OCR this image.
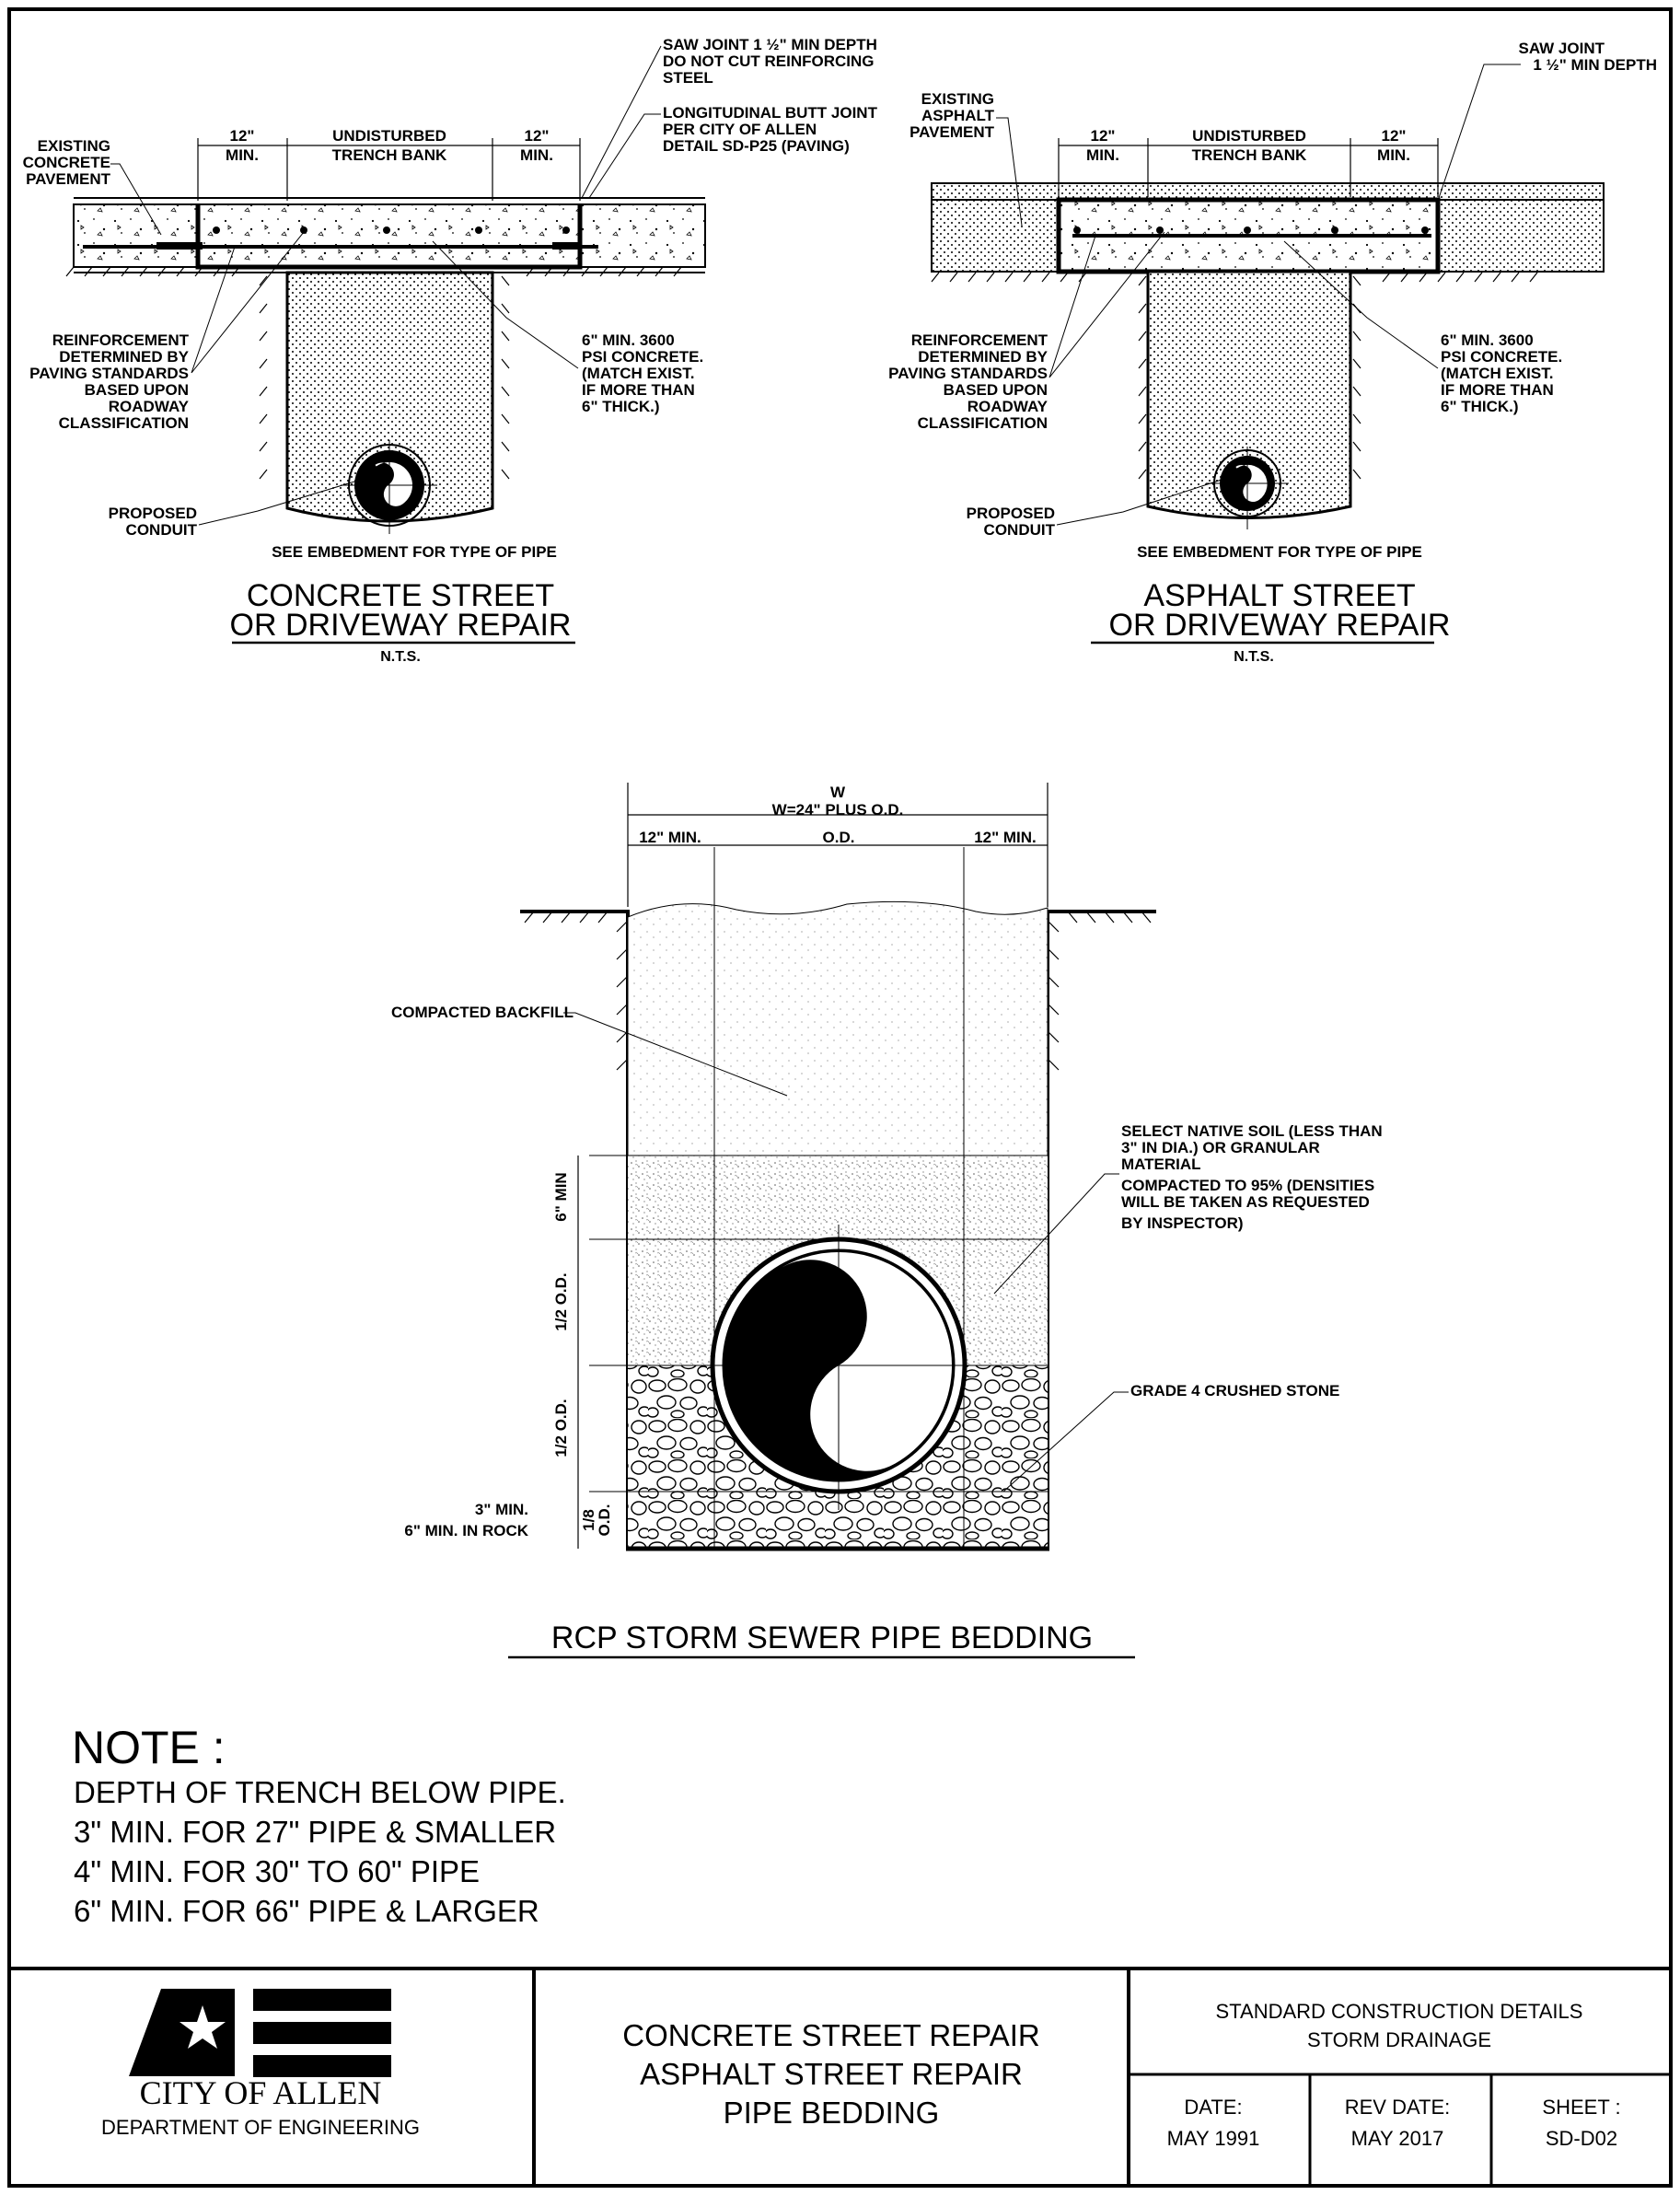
12" MIN.
UNDISTURBED TRENCH BANK
12" MIN.
EXISTING CONCRETE PAVEMENT
SAW JOINT 1 ½" MIN DEPTH DO NOT CUT REINFORCING STEEL
LONGITUDINAL BUTT JOINT PER CITY OF ALLEN DETAIL SD-P25 (PAVING)
REINFORCEMENT DETERMINED BY PAVING STANDARDS BASED UPON ROADWAY CLASSIFICATION
6" MIN. 3600 PSI CONCRETE. (MATCH EXIST. IF MORE THAN 6" THICK.)
PROPOSED CONDUIT
SEE EMBEDMENT FOR TYPE OF PIPE
CONCRETE STREET
OR DRIVEWAY REPAIR
N.T.S.
12" MIN.
UNDISTURBED TRENCH BANK
12" MIN.
EXISTING ASPHALT PAVEMENT
SAW JOINT 1 ½" MIN DEPTH
REINFORCEMENT DETERMINED BY PAVING STANDARDS BASED UPON ROADWAY CLASSIFICATION
6" MIN. 3600 PSI CONCRETE. (MATCH EXIST. IF MORE THAN 6" THICK.)
PROPOSED CONDUIT
SEE EMBEDMENT FOR TYPE OF PIPE
ASPHALT STREET
OR DRIVEWAY REPAIR
N.T.S.
W
W=24" PLUS O.D.
12" MIN.	O.D.	12" MIN.
6" MIN
1/2 O.D.
1/2 O.D.
1/8O.D.
3" MIN. 6" MIN. IN ROCK
COMPACTED BACKFILL
SELECT NATIVE SOIL (LESS THAN 3" IN DIA.) OR GRANULAR MATERIAL COMPACTED TO 95% (DENSITIES WILL BE TAKEN AS REQUESTED BY INSPECTOR)
GRADE 4 CRUSHED STONE
RCP STORM SEWER PIPE BEDDING
NOTE :
DEPTH OF TRENCH BELOW PIPE.
3" MIN. FOR 27" PIPE & SMALLER
4" MIN. FOR 30" TO 60" PIPE
6" MIN. FOR 66" PIPE & LARGER
CITY OF ALLEN
DEPARTMENT OF ENGINEERING
CONCRETE STREET REPAIR
ASPHALT STREET REPAIR
PIPE BEDDING
STANDARD CONSTRUCTION DETAILS
STORM DRAINAGE
DATE:
MAY 1991
REV DATE:
MAY 2017
SHEET :
SD-D02
